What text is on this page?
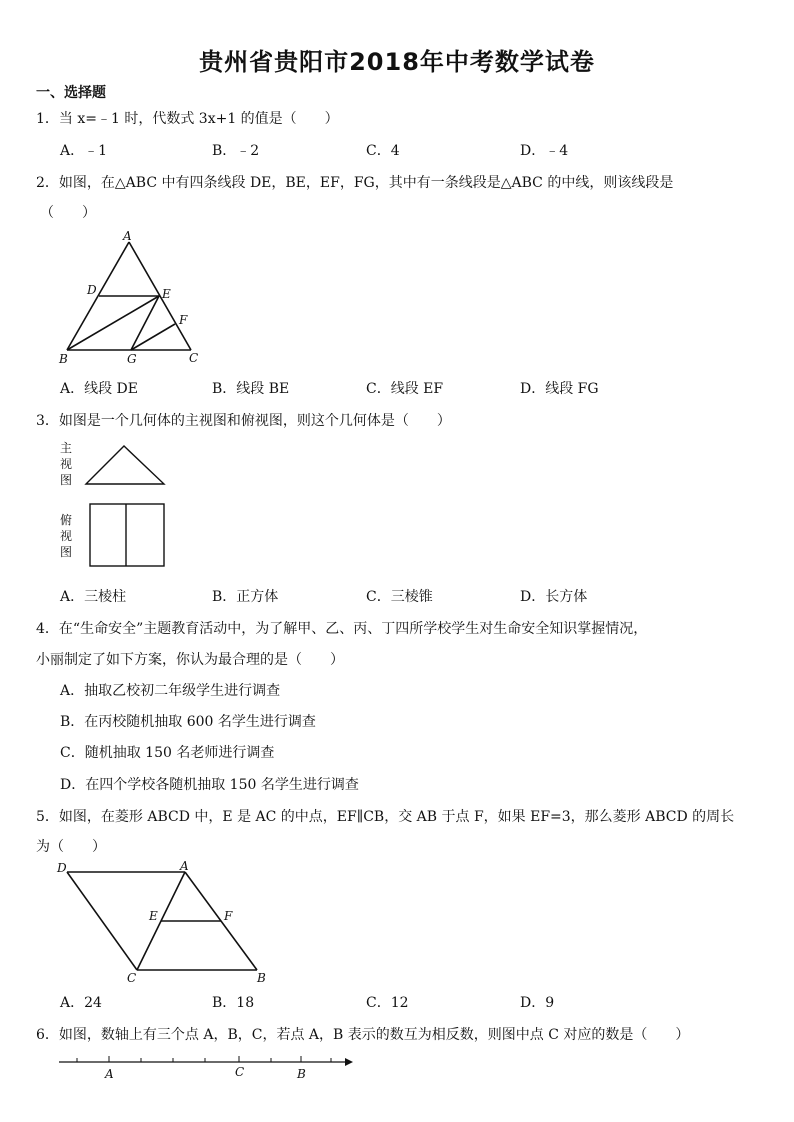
贵州省贵阳市2018年中考数学试卷
一、选择题
1．当 x=﹣1 时，代数式 3x+1 的值是（　　）
A．﹣1	B．﹣2	C．4	D．﹣4
2．如图，在△ABC 中有四条线段 DE，BE，EF，FG，其中有一条线段是△ABC 的中线，则该线段是
（　　）
A
D	E
F
B	G	C
A．线段 DE	B．线段 BE	C．线段 EF	D．线段 FG
3．如图是一个几何体的主视图和俯视图，则这个几何体是（　　）
主
视
图
俯
视
图
A．三棱柱	B．正方体	C．三棱锥	D．长方体
4．在“生命安全”主题教育活动中，为了解甲、乙、丙、丁四所学校学生对生命安全知识掌握情况，
小丽制定了如下方案，你认为最合理的是（　　）
A．抽取乙校初二年级学生进行调查
B．在丙校随机抽取 600 名学生进行调查
C．随机抽取 150 名老师进行调查
D．在四个学校各随机抽取 150 名学生进行调查
5．如图，在菱形 ABCD 中，E 是 AC 的中点，EF∥CB，交 AB 于点 F，如果 EF=3，那么菱形 ABCD 的周长
为（　　）
D	A
E	F
C	B
A．24	B．18	C．12	D．9
6．如图，数轴上有三个点 A，B，C，若点 A，B 表示的数互为相反数，则图中点 C 对应的数是（　　）
A	C	B
